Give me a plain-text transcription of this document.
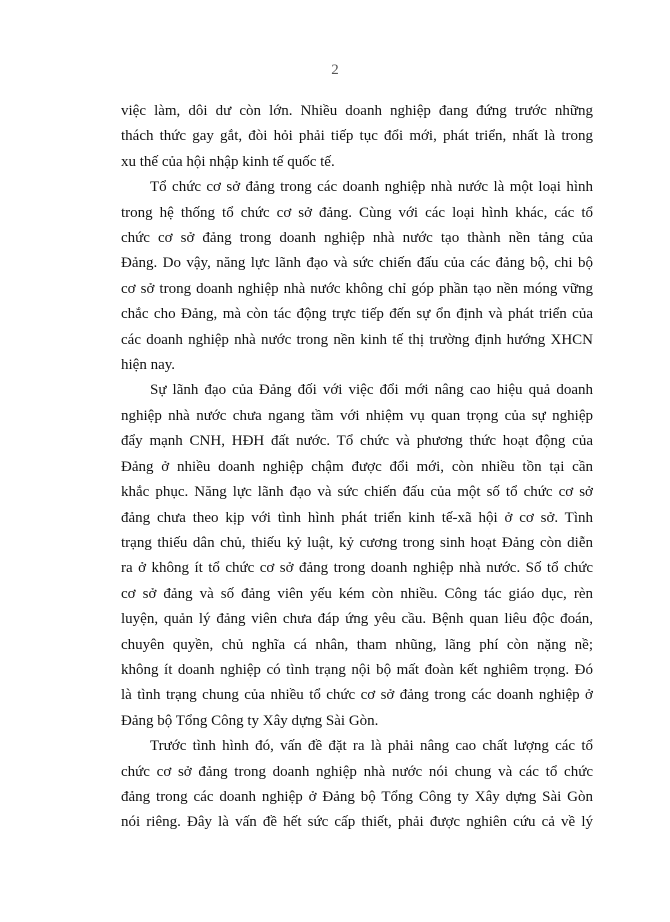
2

việc làm, dôi dư còn lớn. Nhiều doanh nghiệp đang đứng trước những
thách thức gay gắt, đòi hỏi phải tiếp tục đổi mới, phát triển, nhất là trong
xu thế của hội nhập kinh tế quốc tế.

Tổ chức cơ sở đảng trong các doanh nghiệp nhà nước là một loại hình
trong hệ thống tổ chức cơ sở đảng. Cùng với các loại hình khác, các tổ
chức cơ sở đảng trong doanh nghiệp nhà nước tạo thành nền tảng của
Đảng. Do vậy, năng lực lãnh đạo và sức chiến đấu của các đảng bộ, chi bộ
cơ sở trong doanh nghiệp nhà nước không chỉ góp phần tạo nền móng vững
chắc cho Đảng, mà còn tác động trực tiếp đến sự ổn định và phát triển của
các doanh nghiệp nhà nước trong nền kinh tế thị trường định hướng XHCN
hiện nay.

Sự lãnh đạo của Đảng đối với việc đổi mới nâng cao hiệu quả doanh
nghiệp nhà nước chưa ngang tầm với nhiệm vụ quan trọng của sự nghiệp
đẩy mạnh CNH, HĐH đất nước. Tổ chức và phương thức hoạt động của
Đảng ở nhiều doanh nghiệp chậm được đổi mới, còn nhiều tồn tại cần
khắc phục. Năng lực lãnh đạo và sức chiến đấu của một số tổ chức cơ sở
đảng chưa theo kịp với tình hình phát triển kinh tế-xã hội ở cơ sở. Tình
trạng thiếu dân chủ, thiếu kỷ luật, kỷ cương trong sinh hoạt Đảng còn diễn
ra ở không ít tổ chức cơ sở đảng trong doanh nghiệp nhà nước. Số tổ chức
cơ sở đảng và số đảng viên yếu kém còn nhiều. Công tác giáo dục, rèn
luyện, quản lý đảng viên chưa đáp ứng yêu cầu. Bệnh quan liêu độc đoán,
chuyên quyền, chủ nghĩa cá nhân, tham nhũng, lãng phí còn nặng nề;
không ít doanh nghiệp có tình trạng nội bộ mất đoàn kết nghiêm trọng. Đó
là tình trạng chung của nhiều tổ chức cơ sở đảng trong các doanh nghiệp ở
Đảng bộ Tổng Công ty Xây dựng Sài Gòn.

Trước tình hình đó, vấn đề đặt ra là phải nâng cao chất lượng các tổ
chức cơ sở đảng trong doanh nghiệp nhà nước nói chung và các tổ chức
đảng trong các doanh nghiệp ở Đảng bộ Tổng Công ty Xây dựng Sài Gòn
nói riêng. Đây là vấn đề hết sức cấp thiết, phải được nghiên cứu cả về lý
